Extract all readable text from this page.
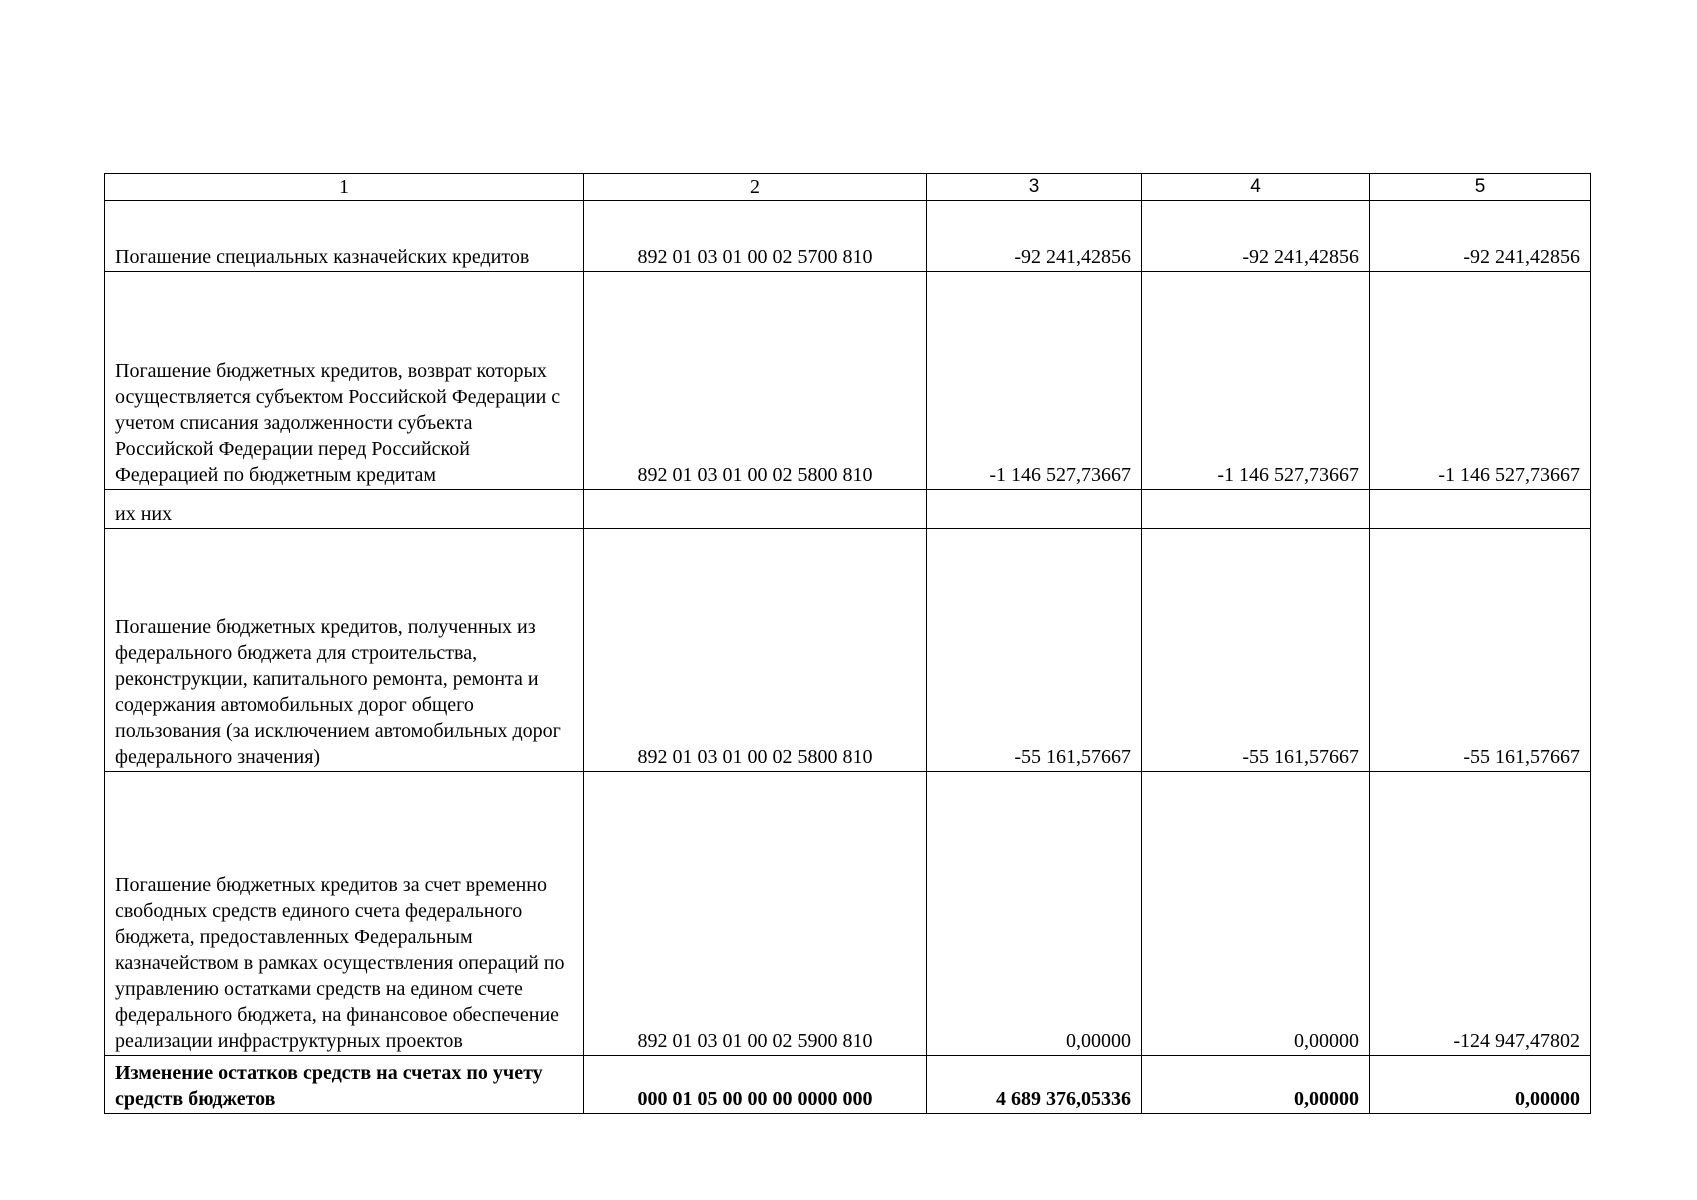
1	2	3	4	5
Погашение специальных казначейских кредитов	892 01 03 01 00 02 5700 810	-92 241,42856	-92 241,42856	-92 241,42856
Погашение бюджетных кредитов, возврат которых осуществляется субъектом Российской Федерации с учетом списания задолженности субъекта Российской Федерации перед Российской Федерацией по бюджетным кредитам	892 01 03 01 00 02 5800 810	-1 146 527,73667	-1 146 527,73667	-1 146 527,73667
их них				
Погашение бюджетных кредитов, полученных из федерального бюджета для строительства, реконструкции, капитального ремонта, ремонта и содержания автомобильных дорог общего пользования (за исключением автомобильных дорог федерального значения)	892 01 03 01 00 02 5800 810	-55 161,57667	-55 161,57667	-55 161,57667
Погашение бюджетных кредитов за счет временно свободных средств единого счета федерального бюджета, предоставленных Федеральным казначейством в рамках осуществления операций по управлению остатками средств на едином счете федерального бюджета, на финансовое обеспечение реализации инфраструктурных проектов	892 01 03 01 00 02 5900 810	0,00000	0,00000	-124 947,47802
Изменение остатков средств на счетах по учету средств бюджетов	000 01 05 00 00 00 0000 000	4 689 376,05336	0,00000	0,00000
